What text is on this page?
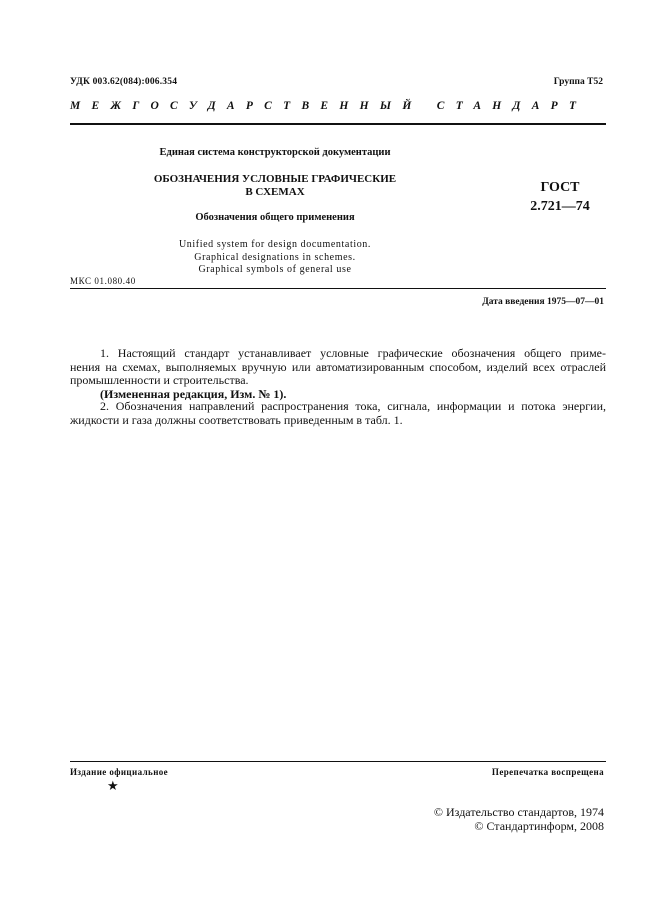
УДК 003.62(084):006.354	Группа Т52
МЕЖГОСУДАРСТВЕННЫЙ СТАНДАРТ
Единая система конструкторской документации
ОБОЗНАЧЕНИЯ УСЛОВНЫЕ ГРАФИЧЕСКИЕ
В СХЕМАХ
Обозначения общего применения
ГОСТ
2.721—74
Unified system for design documentation.
Graphical designations in schemes.
Graphical symbols of general use
МКС 01.080.40
Дата введения 1975—07—01
1. Настоящий стандарт устанавливает условные графические обозначения общего приме-
нения на схемах, выполняемых вручную или автоматизированным способом, изделий всех отраслей
промышленности и строительства.
(Измененная редакция, Изм. № 1).
2. Обозначения направлений распространения тока, сигнала, информации и потока энергии,
жидкости и газа должны соответствовать приведенным в табл. 1.
Издание официальное
★
Перепечатка воспрещена
© Издательство стандартов, 1974
© Стандартинформ, 2008
